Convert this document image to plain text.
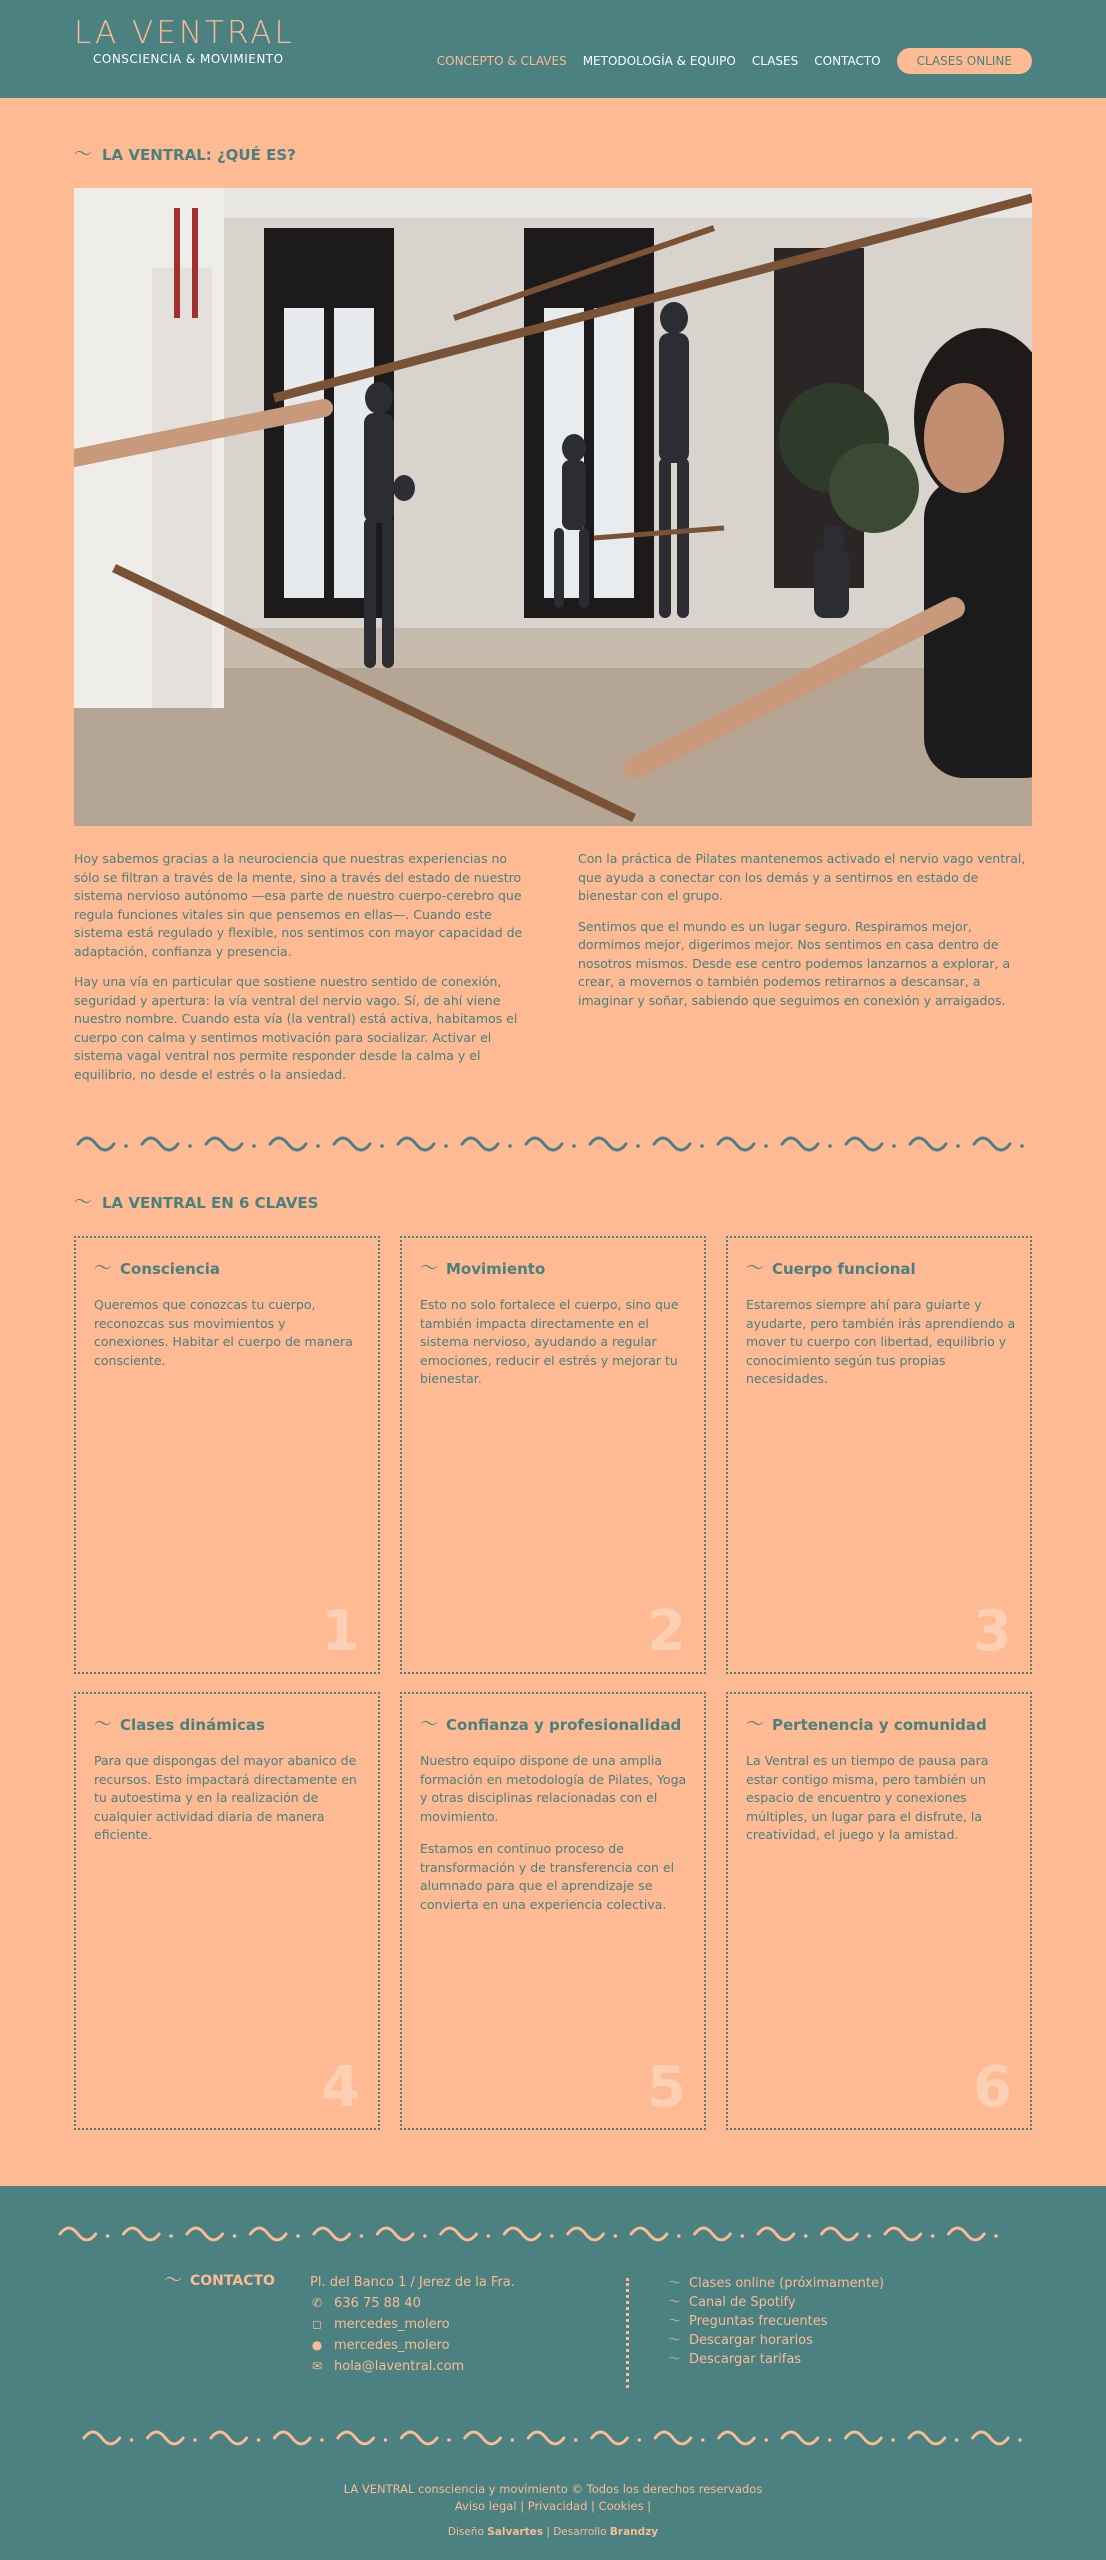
LA VENTRAL
CONSCIENCIA & MOVIMIENTO	CONCEPTO & CLAVES METODOLOGÍA & EQUIPO CLASES CONTACTO	CLASES ONLINE
〜 LA VENTRAL: ¿QUÉ ES?

Hoy sabemos gracias a la neurociencia que nuestras experiencias no sólo se filtran a través de la mente, sino a través del estado de nuestro sistema nervioso autónomo —esa parte de nuestro cuerpo-cerebro que regula funciones vitales sin que pensemos en ellas—. Cuando este sistema está regulado y flexible, nos sentimos con mayor capacidad de adaptación, confianza y presencia.

Hay una vía en particular que sostiene nuestro sentido de conexión, seguridad y apertura: la vía ventral del nervio vago. Sí, de ahí viene nuestro nombre. Cuando esta vía (la ventral) está activa, habitamos el cuerpo con calma y sentimos motivación para socializar. Activar el sistema vagal ventral nos permite responder desde la calma y el equilibrio, no desde el estrés o la ansiedad.

Con la práctica de Pilates mantenemos activado el nervio vago ventral, que ayuda a conectar con los demás y a sentirnos en estado de bienestar con el grupo.

Sentimos que el mundo es un lugar seguro. Respiramos mejor, dormimos mejor, digerimos mejor. Nos sentimos en casa dentro de nosotros mismos. Desde ese centro podemos lanzarnos a explorar, a crear, a movernos o también podemos retirarnos a descansar, a imaginar y soñar, sabiendo que seguimos en conexión y arraigados.

〜 LA VENTRAL EN 6 CLAVES
〜 Consciencia

Queremos que conozcas tu cuerpo, reconozcas sus movimientos y conexiones. Habitar el cuerpo de manera consciente.

1
〜 Movimiento

Esto no solo fortalece el cuerpo, sino que también impacta directamente en el sistema nervioso, ayudando a regular emociones, reducir el estrés y mejorar tu bienestar.

2
〜 Cuerpo funcional

Estaremos siempre ahí para guiarte y ayudarte, pero también irás aprendiendo a mover tu cuerpo con libertad, equilibrio y conocimiento según tus propias necesidades.

3
〜 Clases dinámicas

Para que dispongas del mayor abanico de recursos. Esto impactará directamente en tu autoestima y en la realización de cualquier actividad diaria de manera eficiente.

4
〜 Confianza y profesionalidad

Nuestro equipo dispone de una amplia formación en metodología de Pilates, Yoga y otras disciplinas relacionadas con el movimiento.

Estamos en continuo proceso de transformación y de transferencia con el alumnado para que el aprendizaje se convierta en una experiencia colectiva.

5
〜 Pertenencia y comunidad

La Ventral es un tiempo de pausa para estar contigo misma, pero también un espacio de encuentro y conexiones múltiples, un lugar para el disfrute, la creatividad, el juego y la amistad.

6
〜 CONTACTO	Pl. del Banco 1 / Jerez de la Fra.
✆ 636 75 88 40
◻ mercedes_molero
● mercedes_molero
✉ hola@laventral.com
〜 Clases online (próximamente)
〜 Canal de Spotify
〜 Preguntas frecuentes
〜 Descargar horarios
〜 Descargar tarifas
LA VENTRAL consciencia y movimiento © Todos los derechos reservados
Aviso legal | Privacidad | Cookies |
Diseño Salvartes | Desarrollo Brandzy
